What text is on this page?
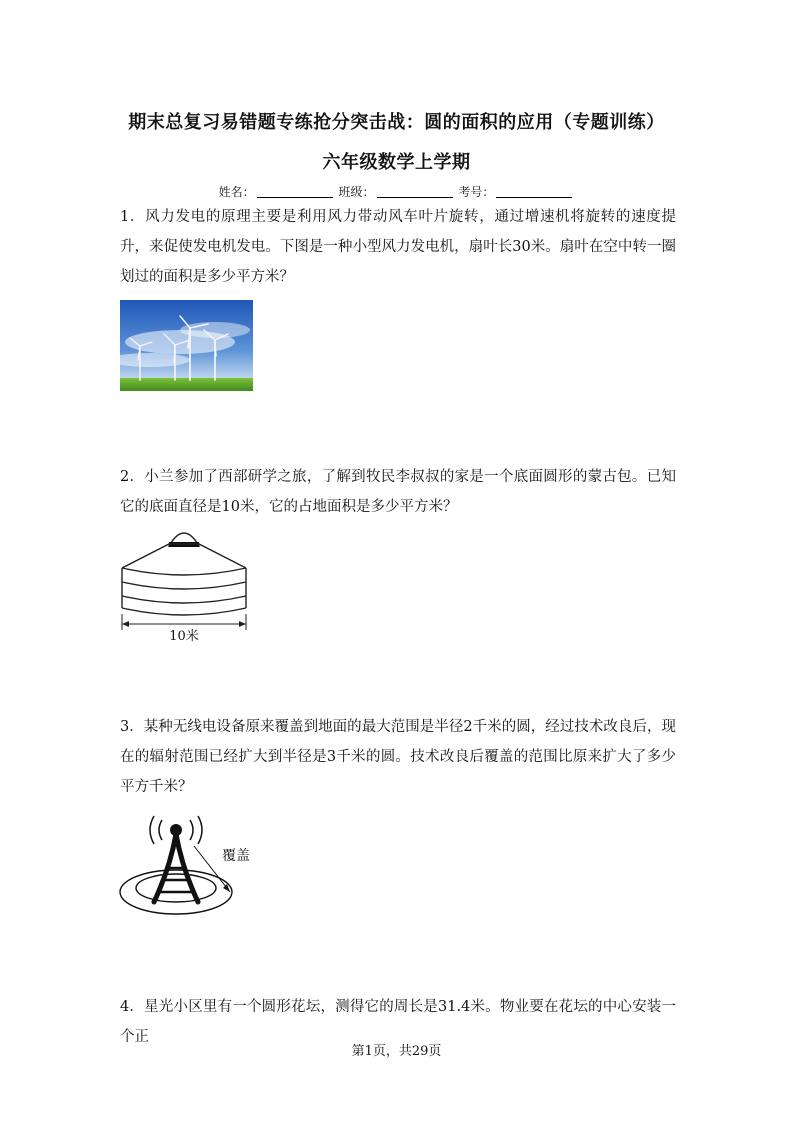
期末总复习易错题专练抢分突击战：圆的面积的应用（专题训练）
六年级数学上学期
姓名：	班级：	考号：
1．风力发电的原理主要是利用风力带动风车叶片旋转，通过增速机将旋转的速度提升，来促使发电机发电。下图是一种小型风力发电机，扇叶长30米。扇叶在空中转一圈划过的面积是多少平方米？
2．小兰参加了西部研学之旅，了解到牧民李叔叔的家是一个底面圆形的蒙古包。已知它的底面直径是10米，它的占地面积是多少平方米？
10米
3．某种无线电设备原来覆盖到地面的最大范围是半径2千米的圆，经过技术改良后，现在的辐射范围已经扩大到半径是3千米的圆。技术改良后覆盖的范围比原来扩大了多少平方千米？
覆盖
4．星光小区里有一个圆形花坛，测得它的周长是31.4米。物业要在花坛的中心安装一个正
第1页，共29页
